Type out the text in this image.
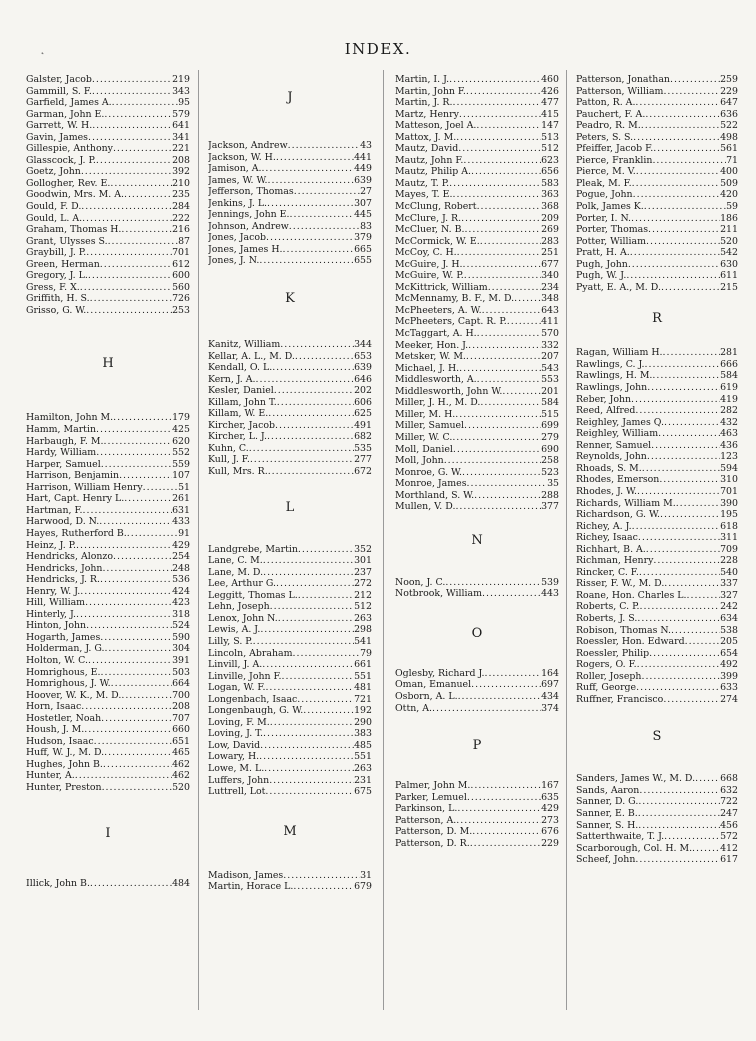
INDEX.
˛
Galster, Jacob .....	219
Gammill, S. F. .....	343
Garfield, James A. .....	95
Garman, John E. .....	579
Garrett, W. H. .....	641
Gavin, James .....	341
Gillespie, Anthony .....	221
Glasscock, J. P. .....	208
Goetz, John .....	392
Gollogher, Rev. E. .....	210
Goodwin, Mrs. M. A. .....	235
Gould, F. D. .....	284
Gould, L. A. .....	222
Graham, Thomas H. .....	216
Grant, Ulysses S. .....	87
Graybill, J. P. .....	701
Green, Herman .....	612
Gregory, J. L. .....	600
Gress, F. X. .....	560
Griffith, H. S. .....	726
Grisso, G. W. .....	253
H
Hamilton, John M. .....	179
Hamm, Martin .....	425
Harbaugh, F. M. .....	620
Hardy, William .....	552
Harper, Samuel .....	559
Harrison, Benjamin .....	107
Harrison, William Henry .....	51
Hart, Capt. Henry L. .....	261
Hartman, F. .....	631
Harwood, D. N. .....	433
Hayes, Rutherford B. .....	91
Heinz, J. P. .....	429
Hendricks, Alonzo .....	254
Hendricks, John .....	248
Hendricks, J. R. .....	536
Henry, W. J. .....	424
Hill, William .....	423
Hinterly, J. .....	318
Hinton, John .....	524
Hogarth, James .....	590
Holderman, J. G. .....	304
Holton, W. C. .....	391
Homrighous, E. .....	503
Homrighous, J. W. .....	664
Hoover, W. K., M. D. .....	700
Horn, Isaac .....	208
Hostetler, Noah .....	707
Housh, J. M. .....	660
Hudson, Isaac .....	651
Huff, W. J., M. D. .....	465
Hughes, John B. .....	462
Hunter, A. .....	462
Hunter, Preston .....	520
I
Illick, John B. .....	484
J
Jackson, Andrew .....	43
Jackson, W. H. .....	441
Jamison, A. .....	449
James, W. W. .....	639
Jefferson, Thomas .....	27
Jenkins, J. L. .....	307
Jennings, John E. .....	445
Johnson, Andrew .....	83
Jones, Jacob .....	379
Jones, James H. .....	665
Jones, J. N. .....	655
K
Kanitz, William .....	344
Kellar, A. L., M. D. .....	653
Kendall, O. L. .....	639
Kern, J. A. .....	646
Kesler, Daniel .....	202
Killam, John T. .....	606
Killam, W. E. .....	625
Kircher, Jacob .....	491
Kircher, L. J. .....	682
Kuhn, C. .....	535
Kull, J. F. .....	277
Kull, Mrs. R. .....	672
L
Landgrebe, Martin .....	352
Lane, C. M. .....	301
Lane, M. D. .....	237
Lee, Arthur G. .....	272
Leggitt, Thomas L. .....	212
Lehn, Joseph .....	512
Lenox, John N. .....	263
Lewis, A. J. .....	298
Lilly, S. P. .....	541
Lincoln, Abraham .....	79
Linvill, J. A. .....	661
Linville, John F. .....	551
Logan, W. F. .....	481
Longenbach, Isaac .....	721
Longenbaugh, G. W. .....	192
Loving, F. M. .....	290
Loving, J. T. .....	383
Low, David .....	485
Lowary, H. .....	551
Lowe, M. L. .....	263
Luffers, John .....	231
Luttrell, Lot .....	675
M
Madison, James .....	31
Martin, Horace L. .....	679
Martin, I. J. .....	460
Martin, John F. .....	426
Martin, J. R. .....	477
Martz, Henry .....	415
Matteson, Joel A. .....	147
Mattox, J. M. .....	513
Mautz, David .....	512
Mautz, John F. .....	623
Mautz, Philip A. .....	656
Mautz, T. P. .....	583
Mayes, T. E. .....	363
McClung, Robert .....	368
McClure, J. R. .....	209
McCluer, N. B. .....	269
McCormick, W. E. .....	283
McCoy, C. H. .....	251
McGuire, J. H. .....	677
McGuire, W. P. .....	340
McKittrick, William .....	234
McMennamy, B. F., M. D. .....	348
McPheeters, A. W. .....	643
McPheeters, Capt. R. P. .....	411
McTaggart, A. H. .....	570
Meeker, Hon. J. .....	332
Metsker, W. M. .....	207
Michael, J. H. .....	543
Middlesworth, A. .....	553
Middlesworth, John W. .....	201
Miller, J. H., M. D. .....	584
Miller, M. H. .....	515
Miller, Samuel .....	699
Miller, W. C. .....	279
Moll, Daniel .....	690
Moll, John .....	258
Monroe, G. W. .....	523
Monroe, James .....	35
Morthland, S. W. .....	288
Mullen, V. D. .....	377
N
Noon, J. C. .....	539
Notbrook, William .....	443
O
Oglesby, Richard J. .....	164
Oman, Emanuel .....	697
Osborn, A. L. .....	434
Ottn, A. .....	374
P
Palmer, John M. .....	167
Parker, Lemuel .....	635
Parkinson, L. .....	429
Patterson, A. .....	273
Patterson, D. M. .....	676
Patterson, D. R. .....	229
Patterson, Jonathan .....	259
Patterson, William .....	229
Patton, R. A. .....	647
Pauchert, F. A. .....	636
Peadro, R. M. .....	522
Peters, S. S. .....	498
Pfeiffer, Jacob F. .....	561
Pierce, Franklin .....	71
Pierce, M. V. .....	400
Pleak, M. F. .....	509
Pogue, John .....	420
Polk, James K. .....	59
Porter, I. N. .....	186
Porter, Thomas .....	211
Potter, William .....	520
Pratt, H. A. .....	542
Pugh, John .....	630
Pugh, W. J. .....	611
Pyatt, E. A., M. D. .....	215
R
Ragan, William H. .....	281
Rawlings, C. J. .....	666
Rawlings, H. M. .....	584
Rawlings, John .....	619
Reber, John .....	419
Reed, Alfred .....	282
Reighley, James Q. .....	432
Reighley, William .....	463
Renner, Samuel .....	436
Reynolds, John .....	123
Rhoads, S. M. .....	594
Rhodes, Emerson .....	310
Rhodes, J. W. .....	701
Richards, William M. .....	390
Richardson, G. W. .....	195
Richey, A. J. .....	618
Richey, Isaac .....	311
Richhart, B. A. .....	709
Richman, Henry .....	228
Rincker, C. F. .....	540
Risser, F. W., M. D. .....	337
Roane, Hon. Charles L. .....	327
Roberts, C. P. .....	242
Roberts, J. S. .....	634
Robison, Thomas N. .....	538
Roessler, Hon. Edward .....	205
Roessler, Philip .....	654
Rogers, O. F. .....	492
Roller, Joseph .....	399
Ruff, George .....	633
Ruffner, Francisco .....	274
S
Sanders, James W., M. D. .....	668
Sands, Aaron .....	632
Sanner, D. G. .....	722
Sanner, E. B. .....	247
Sanner, S. H. .....	456
Satterthwaite, T. J. .....	572
Scarborough, Col. H. M. .....	412
Scheef, John .....	617
